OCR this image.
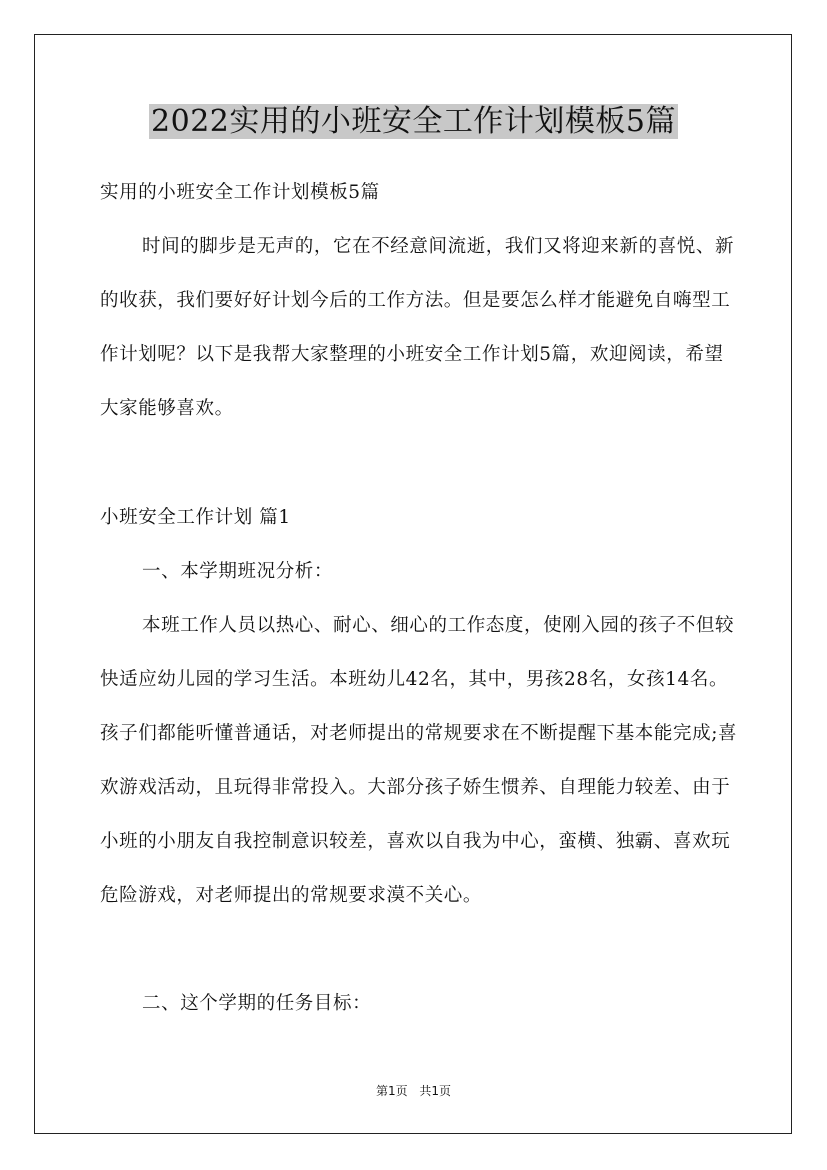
2022实用的小班安全工作计划模板5篇

实用的小班安全工作计划模板5篇

时间的脚步是无声的，它在不经意间流逝，我们又将迎来新的喜悦、新的收获，我们要好好计划今后的工作方法。但是要怎么样才能避免自嗨型工作计划呢？以下是我帮大家整理的小班安全工作计划5篇，欢迎阅读，希望大家能够喜欢。

小班安全工作计划 篇1

一、本学期班况分析：

本班工作人员以热心、耐心、细心的工作态度，使刚入园的孩子不但较快适应幼儿园的学习生活。本班幼儿42名，其中，男孩28名，女孩14名。孩子们都能听懂普通话，对老师提出的常规要求在不断提醒下基本能完成;喜欢游戏活动，且玩得非常投入。大部分孩子娇生惯养、自理能力较差、由于小班的小朋友自我控制意识较差，喜欢以自我为中心，蛮横、独霸、喜欢玩危险游戏，对老师提出的常规要求漠不关心。

二、这个学期的任务目标：

第1页 共1页
